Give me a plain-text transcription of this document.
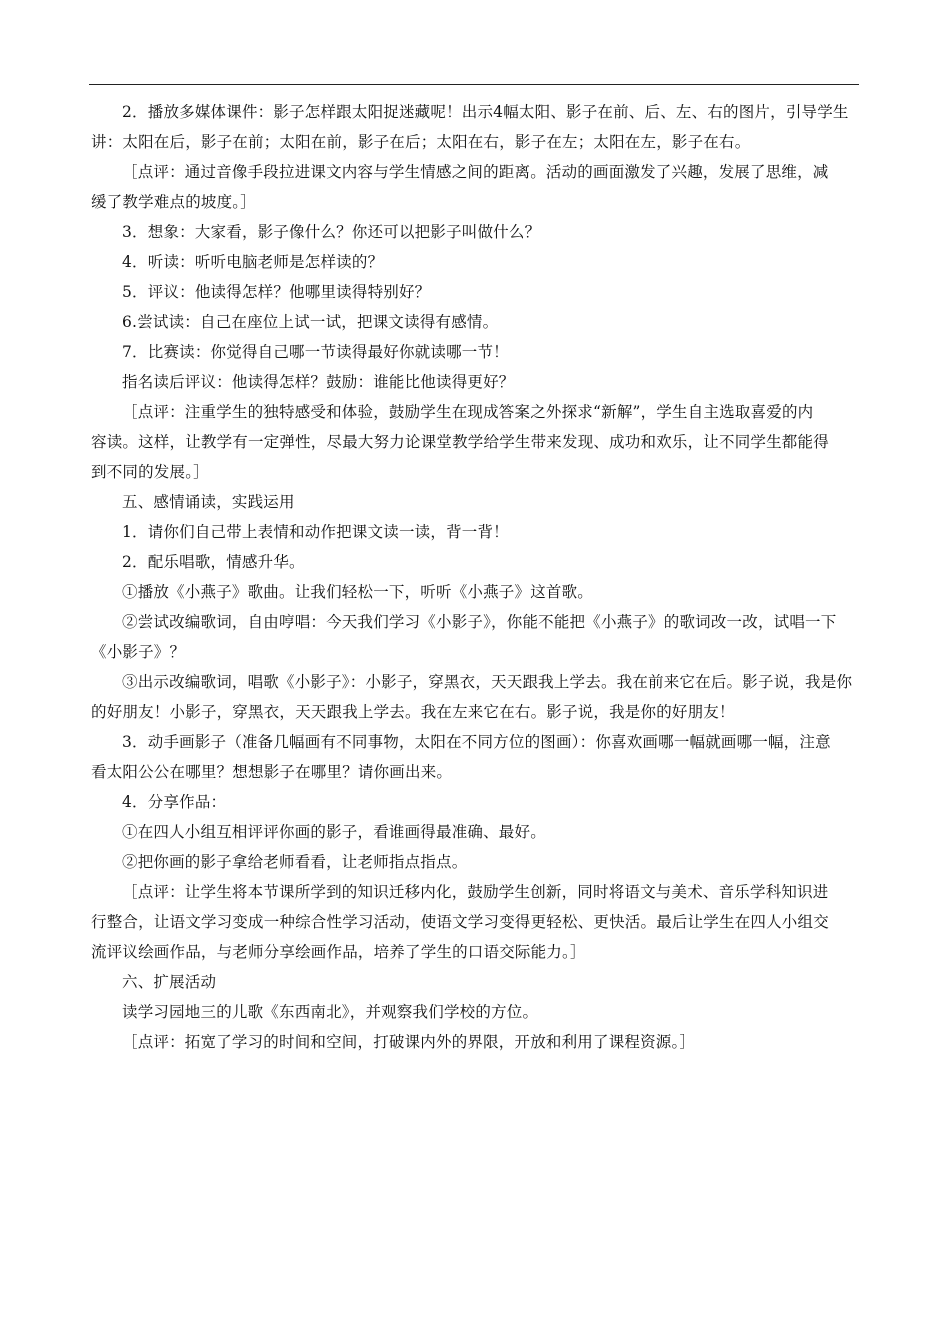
2．播放多媒体课件：影子怎样跟太阳捉迷藏呢！出示4幅太阳、影子在前、后、左、右的图片，引导学生
讲：太阳在后，影子在前；太阳在前，影子在后；太阳在右，影子在左；太阳在左，影子在右。
［点评：通过音像手段拉进课文内容与学生情感之间的距离。活动的画面激发了兴趣，发展了思维，减
缓了教学难点的坡度。］
3．想象：大家看，影子像什么？你还可以把影子叫做什么？
4．听读：听听电脑老师是怎样读的？
5．评议：他读得怎样？他哪里读得特别好？
6.尝试读：自己在座位上试一试，把课文读得有感情。
7．比赛读：你觉得自己哪一节读得最好你就读哪一节！
指名读后评议：他读得怎样？鼓励：谁能比他读得更好？
［点评：注重学生的独特感受和体验，鼓励学生在现成答案之外探求“新解”，学生自主选取喜爱的内
容读。这样，让教学有一定弹性，尽最大努力论课堂教学给学生带来发现、成功和欢乐，让不同学生都能得
到不同的发展。］
五、感情诵读，实践运用
1．请你们自己带上表情和动作把课文读一读，背一背！
2．配乐唱歌，情感升华。
①播放《小燕子》歌曲。让我们轻松一下，听听《小燕子》这首歌。
②尝试改编歌词，自由哼唱：今天我们学习《小影子》，你能不能把《小燕子》的歌词改一改，试唱一下
《小影子》？
③出示改编歌词，唱歌《小影子》：小影子，穿黑衣，天天跟我上学去。我在前来它在后。影子说，我是你
的好朋友！小影子，穿黑衣，天天跟我上学去。我在左来它在右。影子说，我是你的好朋友！
3．动手画影子（准备几幅画有不同事物，太阳在不同方位的图画）：你喜欢画哪一幅就画哪一幅，注意
看太阳公公在哪里？想想影子在哪里？请你画出来。
4．分享作品：
①在四人小组互相评评你画的影子，看谁画得最准确、最好。
②把你画的影子拿给老师看看，让老师指点指点。
［点评：让学生将本节课所学到的知识迁移内化，鼓励学生创新，同时将语文与美术、音乐学科知识进
行整合，让语文学习变成一种综合性学习活动，使语文学习变得更轻松、更快活。最后让学生在四人小组交
流评议绘画作品，与老师分享绘画作品，培养了学生的口语交际能力。］
六、扩展活动
读学习园地三的儿歌《东西南北》，并观察我们学校的方位。
［点评：拓宽了学习的时间和空间，打破课内外的界限，开放和利用了课程资源。］
